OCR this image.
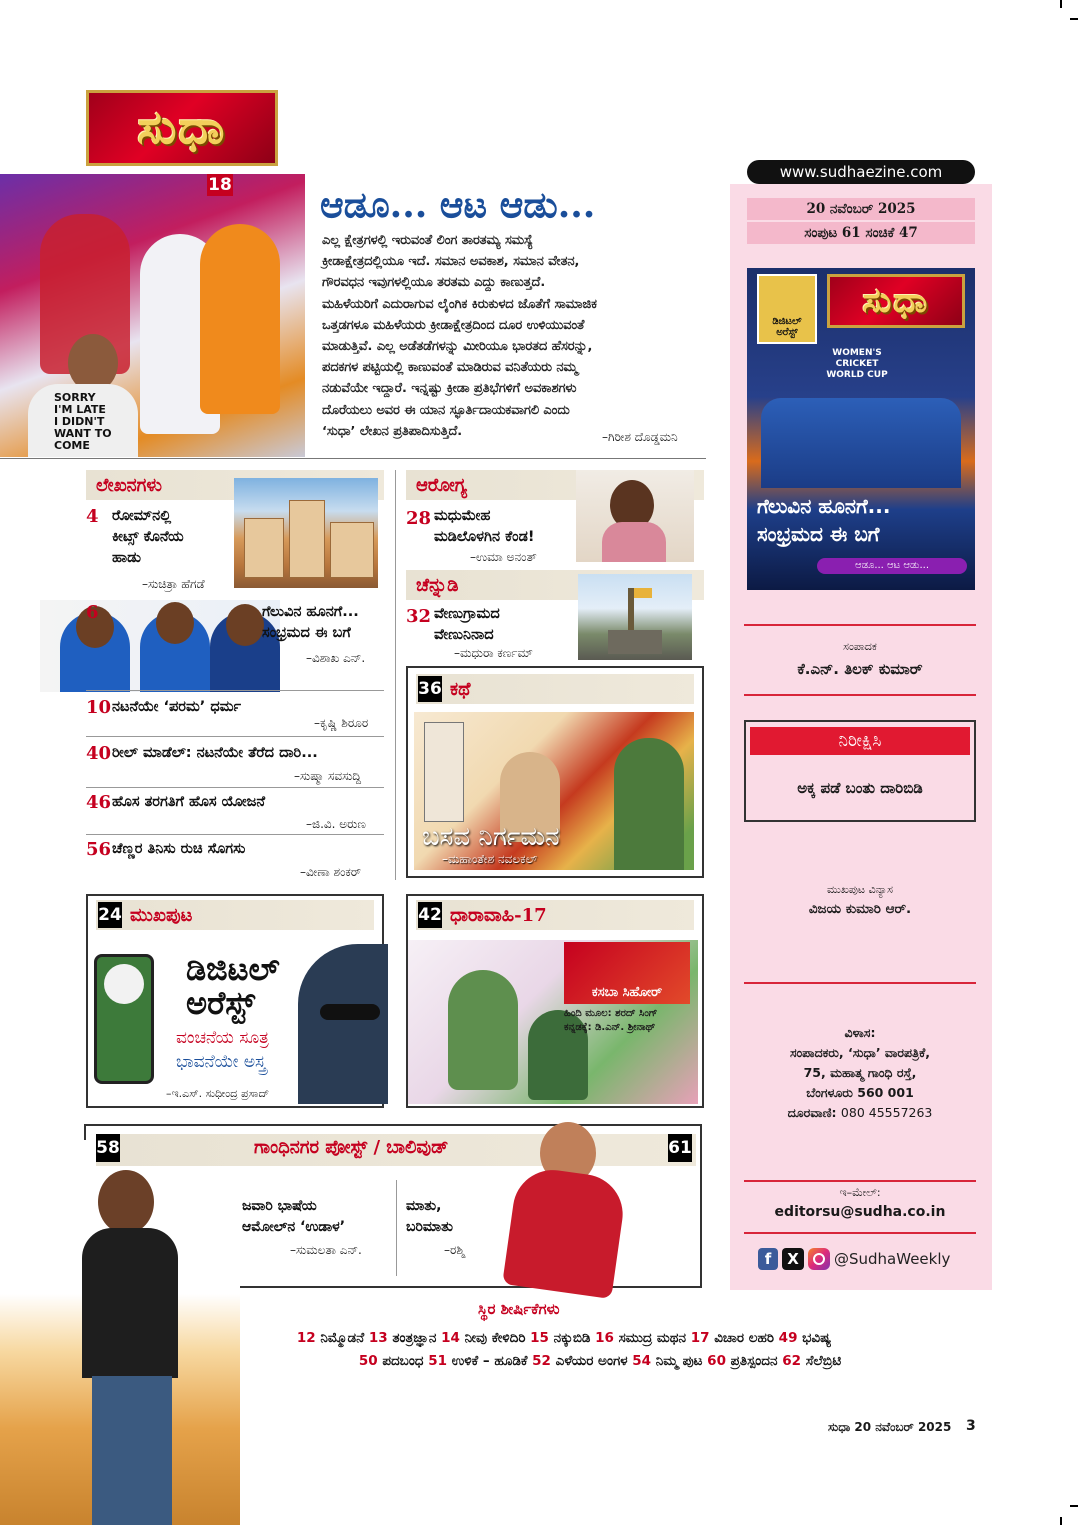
ಸುಧಾ
www.sudhaezine.com
20 ನವೆಂಬರ್ 2025
ಸಂಪುಟ 61 ಸಂಚಿಕೆ 47
SORRY
I'M LATE
I DIDN'T
WANT TO
COME
18 ಆಡೂ... ಆಟ ಆಡು...
ಎಲ್ಲ ಕ್ಷೇತ್ರಗಳಲ್ಲಿ ಇರುವಂತೆ ಲಿಂಗ ತಾರತಮ್ಯ ಸಮಸ್ಯೆ
ಕ್ರೀಡಾಕ್ಷೇತ್ರದಲ್ಲಿಯೂ ಇದೆ. ಸಮಾನ ಅವಕಾಶ, ಸಮಾನ ವೇತನ,
ಗೌರವಧನ ಇವುಗಳಲ್ಲಿಯೂ ತರತಮ ಎದ್ದು ಕಾಣುತ್ತದೆ.
ಮಹಿಳೆಯರಿಗೆ ಎದುರಾಗುವ ಲೈಂಗಿಕ ಕಿರುಕುಳದ ಜೊತೆಗೆ ಸಾಮಾಜಿಕ
ಒತ್ತಡಗಳೂ ಮಹಿಳೆಯರು ಕ್ರೀಡಾಕ್ಷೇತ್ರದಿಂದ ದೂರ ಉಳಿಯುವಂತೆ
ಮಾಡುತ್ತಿವೆ. ಎಲ್ಲ ಅಡೆತಡೆಗಳನ್ನು ಮೀರಿಯೂ ಭಾರತದ ಹೆಸರನ್ನು,
ಪದಕಗಳ ಪಟ್ಟಿಯಲ್ಲಿ ಕಾಣುವಂತೆ ಮಾಡಿರುವ ವನಿತೆಯರು ನಮ್ಮ
ನಡುವೆಯೇ ಇದ್ದಾರೆ. ಇನ್ನಷ್ಟು ಕ್ರೀಡಾ ಪ್ರತಿಭೆಗಳಿಗೆ ಅವಕಾಶಗಳು
ದೊರೆಯಲು ಅವರ ಈ ಯಾನ ಸ್ಫೂರ್ತಿದಾಯಕವಾಗಲಿ ಎಂದು
‘ಸುಧಾ’ ಲೇಖನ ಪ್ರತಿಪಾದಿಸುತ್ತಿದೆ.	–ಗಿರೀಶ ದೊಡ್ಡಮನಿ
ಲೇಖನಗಳು
4 ರೋಮ್‌ನಲ್ಲಿ
ಕೀಟ್ಸ್ ಕೊನೆಯ
ಹಾಡು
–ಸುಚಿತ್ರಾ ಹೆಗಡೆ
6	ಗೆಲುವಿನ ಹೂನಗೆ...
ಸಂಭ್ರಮದ ಈ ಬಗೆ
–ವಿಶಾಖ ಎನ್.
10 ನಟನೆಯೇ ‘ಪರಮ’ ಧರ್ಮ
–ಕೃಷ್ಣಿ ಶಿರೂರ
40 ರೀಲ್ ಮಾಡೆಲ್: ನಟನೆಯೇ ತೆರೆದ ದಾರಿ...
–ಸುಷ್ಮಾ ಸವಸುದ್ದಿ
46 ಹೊಸ ತರಗತಿಗೆ ಹೊಸ ಯೋಜನೆ
–ಜಿ.ವಿ. ಅರುಣ
56 ಚೆಣ್ಣರ ತಿನಿಸು ರುಚಿ ಸೊಗಸು
–ವೀಣಾ ಶಂಕರ್
ಆರೋಗ್ಯ
28 ಮಧುಮೇಹ
ಮಡಿಲೊಳಗಿನ ಕೆಂಡ!
–ಉಮಾ ಅನಂತ್
ಚೆನ್ನುಡಿ
32 ವೇಣುಗ್ರಾಮದ
ವೇಣುನಿನಾದ
–ಮಧುರಾ ಕರ್ಣಮ್
36 ಕಥೆ
ಬಸವ ನಿರ್ಗಮನ
–ಮಹಾಂತೇಶ ನವಲಕಲ್
24 ಮುಖಪುಟ
ಡಿಜಿಟಲ್
ಅರೆಸ್ಟ್
ವಂಚನೆಯ ಸೂತ್ರ
ಭಾವನೆಯೇ ಅಸ್ತ್ರ
–ಇ.ಎಸ್. ಸುಧೀಂದ್ರ ಪ್ರಸಾದ್
42 ಧಾರಾವಾಹಿ-17
ಕಸಬಾ ಸಿಹೋರ್
ಹಿಂದಿ ಮೂಲ: ಶರದ್ ಸಿಂಗ್
ಕನ್ನಡಕ್ಕೆ: ಡಿ.ಎನ್. ಶ್ರೀನಾಥ್
58	61
ಗಾಂಧಿನಗರ ಪೋಸ್ಟ್ / ಬಾಲಿವುಡ್
ಜವಾರಿ ಭಾಷೆಯ
ಆಮೋಲ್‌ನ ‘ಉಡಾಳ’
–ಸುಮಲತಾ ಎನ್.
ಮಾತು,
ಬರಿಮಾತು
–ರಶ್ಮಿ
ಸ್ಥಿರ ಶೀರ್ಷಿಕೆಗಳು
12 ನಿಮ್ಮೊಡನೆ 13 ತಂತ್ರಜ್ಞಾನ 14 ನೀವು ಕೇಳಿದಿರಿ 15 ನಕ್ಕುಬಿಡಿ 16 ಸಮುದ್ರ ಮಥನ 17 ವಿಚಾರ ಲಹರಿ 49 ಭವಿಷ್ಯ
50 ಪದಬಂಧ 51 ಉಳಿಕೆ – ಹೂಡಿಕೆ 52 ಎಳೆಯರ ಅಂಗಳ 54 ನಿಮ್ಮ ಪುಟ 60 ಪ್ರತಿಸ್ಪಂದನ 62 ಸೆಲೆಬ್ರಿಟಿ
ಸುಧಾ
ಡಿಜಿಟಲ್ ಅರೆಸ್ಟ್
WOMEN'S CRICKET WORLD CUP
ಗೆಲುವಿನ ಹೂನಗೆ...
ಸಂಭ್ರಮದ ಈ ಬಗೆ
ಆಡೂ... ಆಟ ಆಡು...
ಸಂಪಾದಕ
ಕೆ.ಎನ್. ತಿಲಕ್ ಕುಮಾರ್
ನಿರೀಕ್ಷಿಸಿ
ಅಕ್ಕ ಪಡೆ ಬಂತು ದಾರಿಬಿಡಿ
ಮುಖಪುಟ ವಿನ್ಯಾಸ
ವಿಜಯ ಕುಮಾರಿ ಆರ್.
ವಿಳಾಸ:
ಸಂಪಾದಕರು, ‘ಸುಧಾ’ ವಾರಪತ್ರಿಕೆ,
75, ಮಹಾತ್ಮ ಗಾಂಧಿ ರಸ್ತೆ,
ಬೆಂಗಳೂರು 560 001
ದೂರವಾಣಿ: 080 45557263
ಇ–ಮೇಲ್:
editorsu@sudha.co.in
f	X	@SudhaWeekly
ಸುಧಾ 20 ನವೆಂಬರ್ 2025 3
